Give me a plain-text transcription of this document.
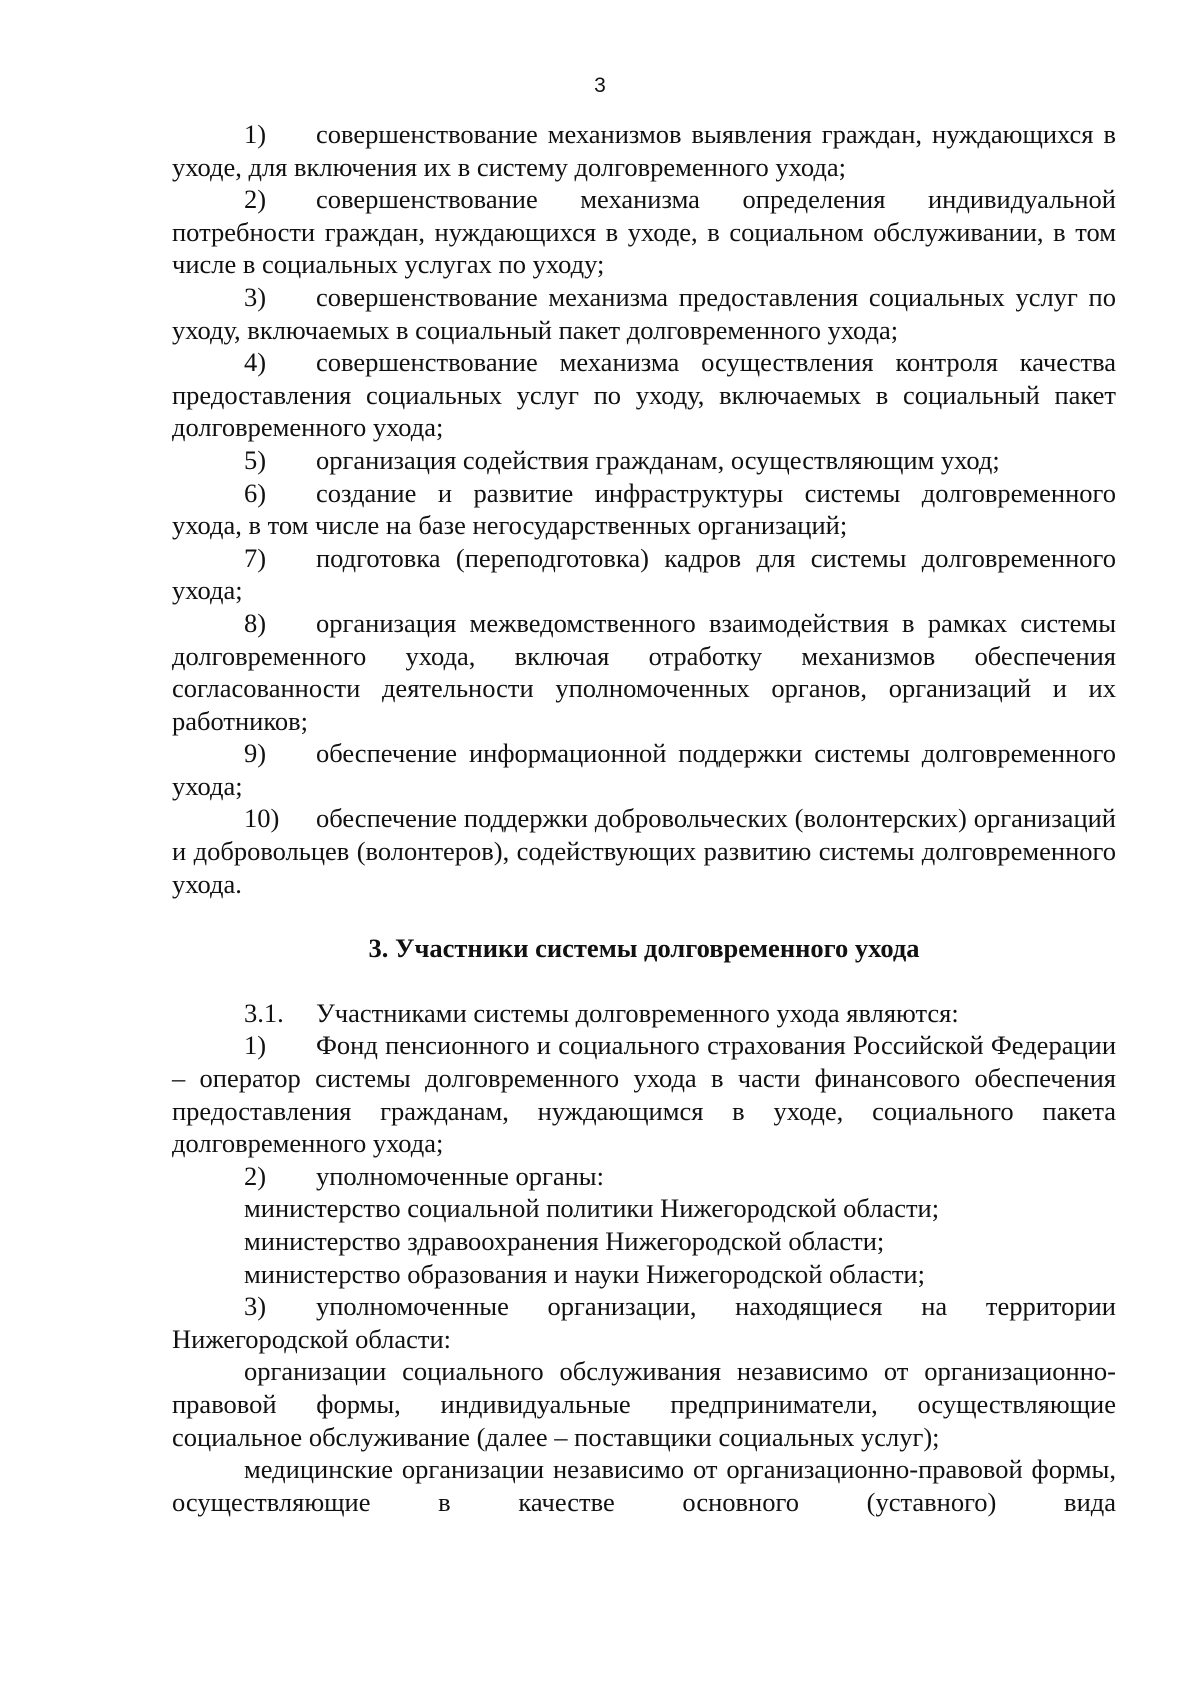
3

1) совершенствование механизмов выявления граждан, нуждающихся в уходе, для включения их в систему долговременного ухода;

2) совершенствование механизма определения индивидуальной потребности граждан, нуждающихся в уходе, в социальном обслуживании, в том числе в социальных услугах по уходу;

3) совершенствование механизма предоставления социальных услуг по уходу, включаемых в социальный пакет долговременного ухода;

4) совершенствование механизма осуществления контроля качества предоставления социальных услуг по уходу, включаемых в социальный пакет долговременного ухода;

5) организация содействия гражданам, осуществляющим уход;

6) создание и развитие инфраструктуры системы долговременного ухода, в том числе на базе негосударственных организаций;

7) подготовка (переподготовка) кадров для системы долговременного ухода;

8) организация межведомственного взаимодействия в рамках системы долговременного ухода, включая отработку механизмов обеспечения согласованности деятельности уполномоченных органов, организаций и их работников;

9) обеспечение информационной поддержки системы долговременного ухода;

10) обеспечение поддержки добровольческих (волонтерских) организаций и добровольцев (волонтеров), содействующих развитию системы долговременного ухода.

3. Участники системы долговременного ухода

3.1. Участниками системы долговременного ухода являются:

1) Фонд пенсионного и социального страхования Российской Федерации – оператор системы долговременного ухода в части финансового обеспечения предоставления гражданам, нуждающимся в уходе, социального пакета долговременного ухода;

2) уполномоченные органы:

министерство социальной политики Нижегородской области;

министерство здравоохранения Нижегородской области;

министерство образования и науки Нижегородской области;

3) уполномоченные организации, находящиеся на территории Нижегородской области:

организации социального обслуживания независимо от организационно-правовой формы, индивидуальные предприниматели, осуществляющие социальное обслуживание (далее – поставщики социальных услуг);

медицинские организации независимо от организационно-правовой формы, осуществляющие в качестве основного (уставного) вида
